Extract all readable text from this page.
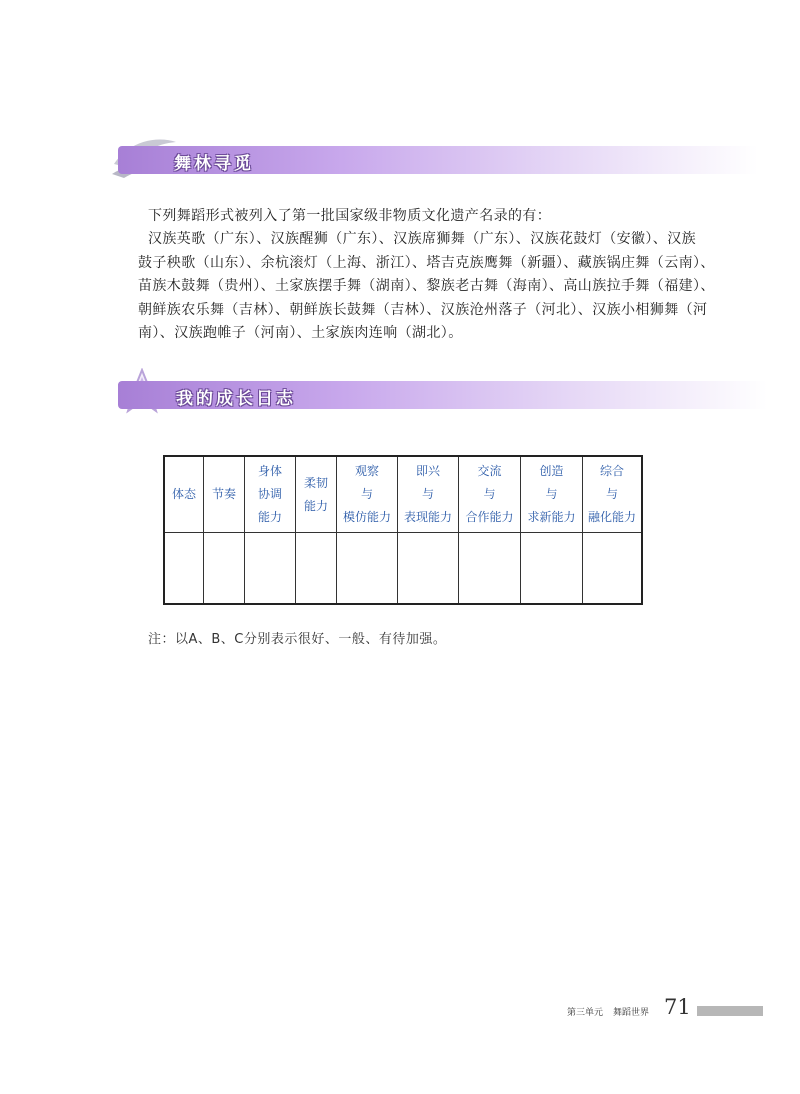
舞林寻觅
下列舞蹈形式被列入了第一批国家级非物质文化遗产名录的有：
汉族英歌（广东）、汉族醒狮（广东）、汉族席狮舞（广东）、汉族花鼓灯（安徽）、汉族
鼓子秧歌（山东）、余杭滚灯（上海、浙江）、塔吉克族鹰舞（新疆）、藏族锅庄舞（云南）、
苗族木鼓舞（贵州）、土家族摆手舞（湖南）、黎族老古舞（海南）、高山族拉手舞（福建）、
朝鲜族农乐舞（吉林）、朝鲜族长鼓舞（吉林）、汉族沧州落子（河北）、汉族小相狮舞（河
南）、汉族跑帷子（河南）、土家族肉连响（湖北）。
我的成长日志
体态	节奏	身体
协调
能力	柔韧
能力	观察
与
模仿能力	即兴
与
表现能力	交流
与
合作能力	创造
与
求新能力	综合
与
融化能力

注：以A、B、C分别表示很好、一般、有待加强。
第三单元 舞蹈世界 71
